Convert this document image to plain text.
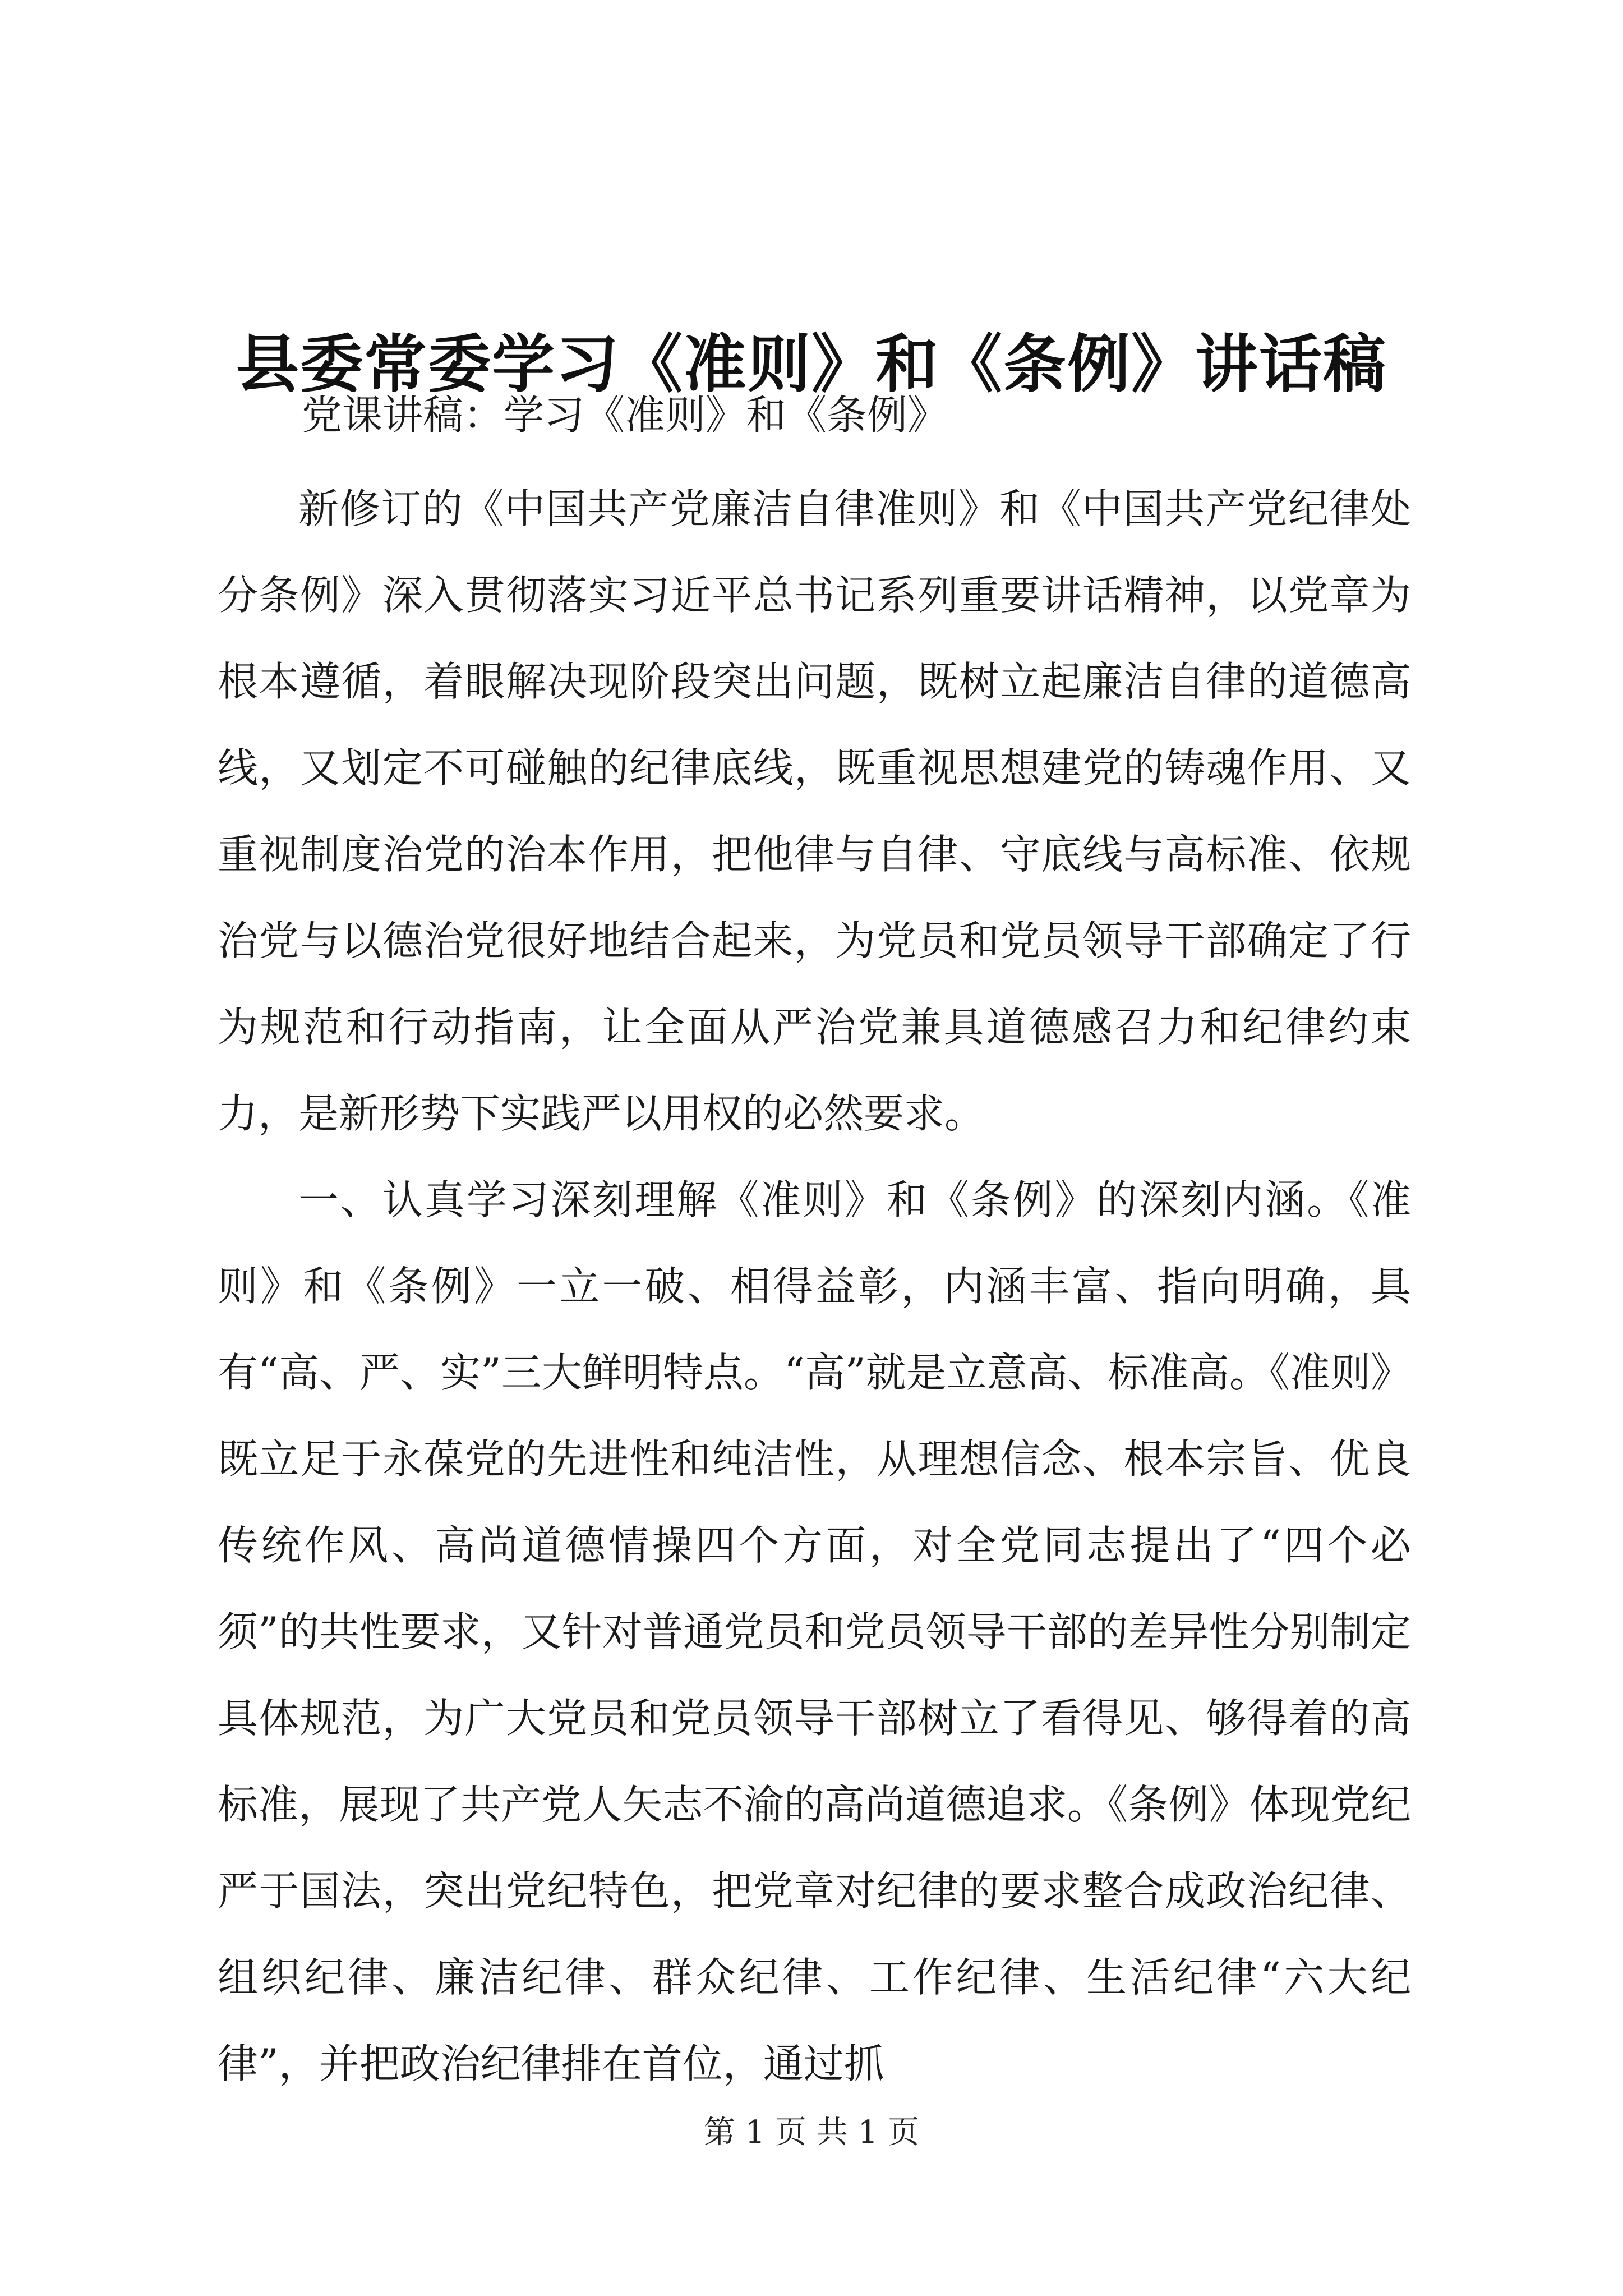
县委常委学习《准则》和《条例》讲话稿
党课讲稿：学习《准则》和《条例》

新修订的《中国共产党廉洁自律准则》和《中国共产党纪律处分条例》深入贯彻落实习近平总书记系列重要讲话精神，以党章为根本遵循，着眼解决现阶段突出问题，既树立起廉洁自律的道德高线，又划定不可碰触的纪律底线，既重视思想建党的铸魂作用、又重视制度治党的治本作用，把他律与自律、守底线与高标准、依规治党与以德治党很好地结合起来，为党员和党员领导干部确定了行为规范和行动指南，让全面从严治党兼具道德感召力和纪律约束力，是新形势下实践严以用权的必然要求。

一、认真学习深刻理解《准则》和《条例》的深刻内涵。《准则》和《条例》一立一破、相得益彰，内涵丰富、指向明确，具有“高、严、实”三大鲜明特点。“高”就是立意高、标准高。《准则》既立足于永葆党的先进性和纯洁性，从理想信念、根本宗旨、优良传统作风、高尚道德情操四个方面，对全党同志提出了“四个必须”的共性要求，又针对普通党员和党员领导干部的差异性分别制定具体规范，为广大党员和党员领导干部树立了看得见、够得着的高标准，展现了共产党人矢志不渝的高尚道德追求。《条例》体现党纪严于国法，突出党纪特色，把党章对纪律的要求整合成政治纪律、组织纪律、廉洁纪律、群众纪律、工作纪律、生活纪律“六大纪律”，并把政治纪律排在首位，通过抓

第 1 页 共 1 页
